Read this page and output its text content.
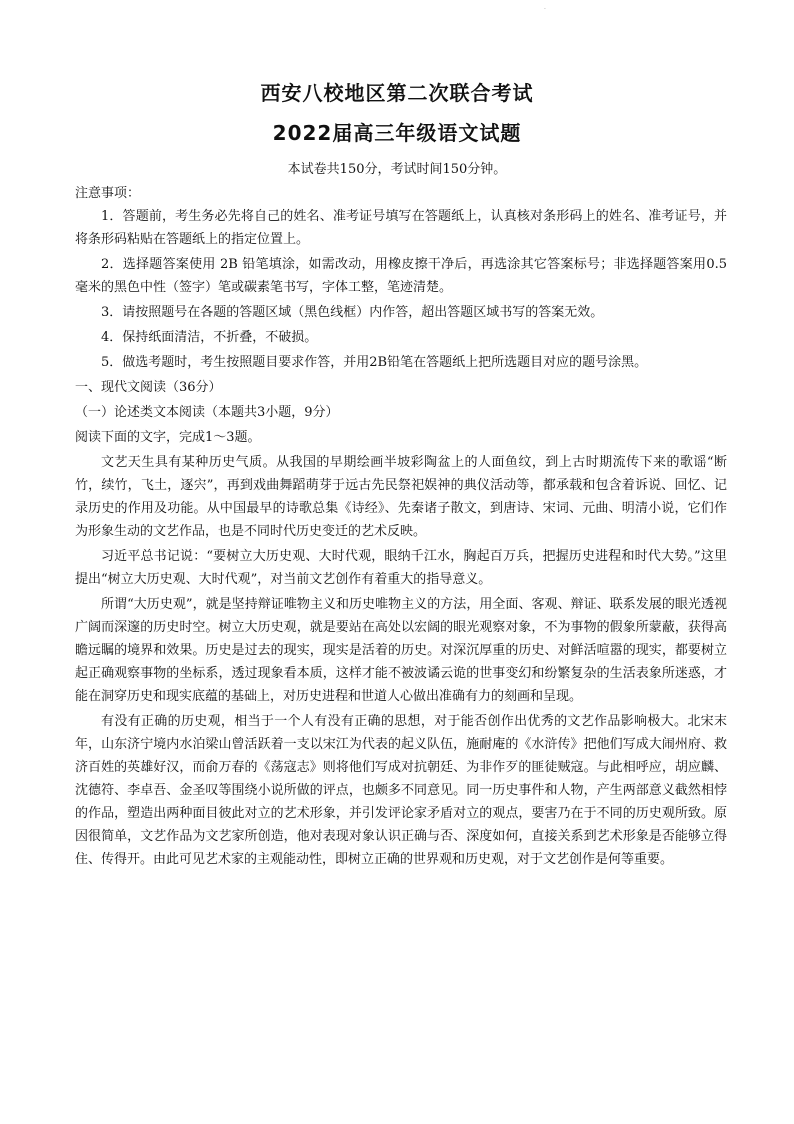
·
西安八校地区第二次联合考试
2022届高三年级语文试题
本试卷共150分，考试时间150分钟。

注意事项：

1．答题前，考生务必先将自己的姓名、准考证号填写在答题纸上，认真核对条形码上的姓名、准考证号，并将条形码粘贴在答题纸上的指定位置上。

2．选择题答案使用 2B 铅笔填涂，如需改动，用橡皮擦干净后，再选涂其它答案标号；非选择题答案用0.5毫米的黑色中性（签字）笔或碳素笔书写，字体工整，笔迹清楚。

3．请按照题号在各题的答题区域（黑色线框）内作答，超出答题区域书写的答案无效。

4．保持纸面清洁，不折叠，不破损。

5．做选考题时，考生按照题目要求作答，并用2B铅笔在答题纸上把所选题目对应的题号涂黑。

一、现代文阅读（36分）

（一）论述类文本阅读（本题共3小题，9分）

阅读下面的文字，完成1～3题。

文艺天生具有某种历史气质。从我国的早期绘画半坡彩陶盆上的人面鱼纹，到上古时期流传下来的歌谣“断竹，续竹，飞土，逐宍”，再到戏曲舞蹈萌芽于远古先民祭祀娱神的典仪活动等，都承载和包含着诉说、回忆、记录历史的作用及功能。从中国最早的诗歌总集《诗经》、先秦诸子散文，到唐诗、宋词、元曲、明清小说，它们作为形象生动的文艺作品，也是不同时代历史变迁的艺术反映。

习近平总书记说：“要树立大历史观、大时代观，眼纳千江水，胸起百万兵，把握历史进程和时代大势。”这里提出“树立大历史观、大时代观”，对当前文艺创作有着重大的指导意义。

所谓“大历史观”，就是坚持辩证唯物主义和历史唯物主义的方法，用全面、客观、辩证、联系发展的眼光透视广阔而深邃的历史时空。树立大历史观，就是要站在高处以宏阔的眼光观察对象，不为事物的假象所蒙蔽，获得高瞻远瞩的境界和效果。历史是过去的现实，现实是活着的历史。对深沉厚重的历史、对鲜活喧嚣的现实，都要树立起正确观察事物的坐标系，透过现象看本质，这样才能不被波谲云诡的世事变幻和纷繁复杂的生活表象所迷惑，才能在洞穿历史和现实底蕴的基础上，对历史进程和世道人心做出准确有力的刻画和呈现。

有没有正确的历史观，相当于一个人有没有正确的思想，对于能否创作出优秀的文艺作品影响极大。北宋末年，山东济宁境内水泊梁山曾活跃着一支以宋江为代表的起义队伍，施耐庵的《水浒传》把他们写成大闹州府、救济百姓的英雄好汉，而俞万春的《荡寇志》则将他们写成对抗朝廷、为非作歹的匪徒贼寇。与此相呼应，胡应麟、沈德符、李卓吾、金圣叹等围绕小说所做的评点，也颇多不同意见。同一历史事件和人物，产生两部意义截然相悖的作品，塑造出两种面目彼此对立的艺术形象，并引发评论家矛盾对立的观点，要害乃在于不同的历史观所致。原因很简单，文艺作品为文艺家所创造，他对表现对象认识正确与否、深度如何，直接关系到艺术形象是否能够立得住、传得开。由此可见艺术家的主观能动性，即树立正确的世界观和历史观，对于文艺创作是何等重要。
